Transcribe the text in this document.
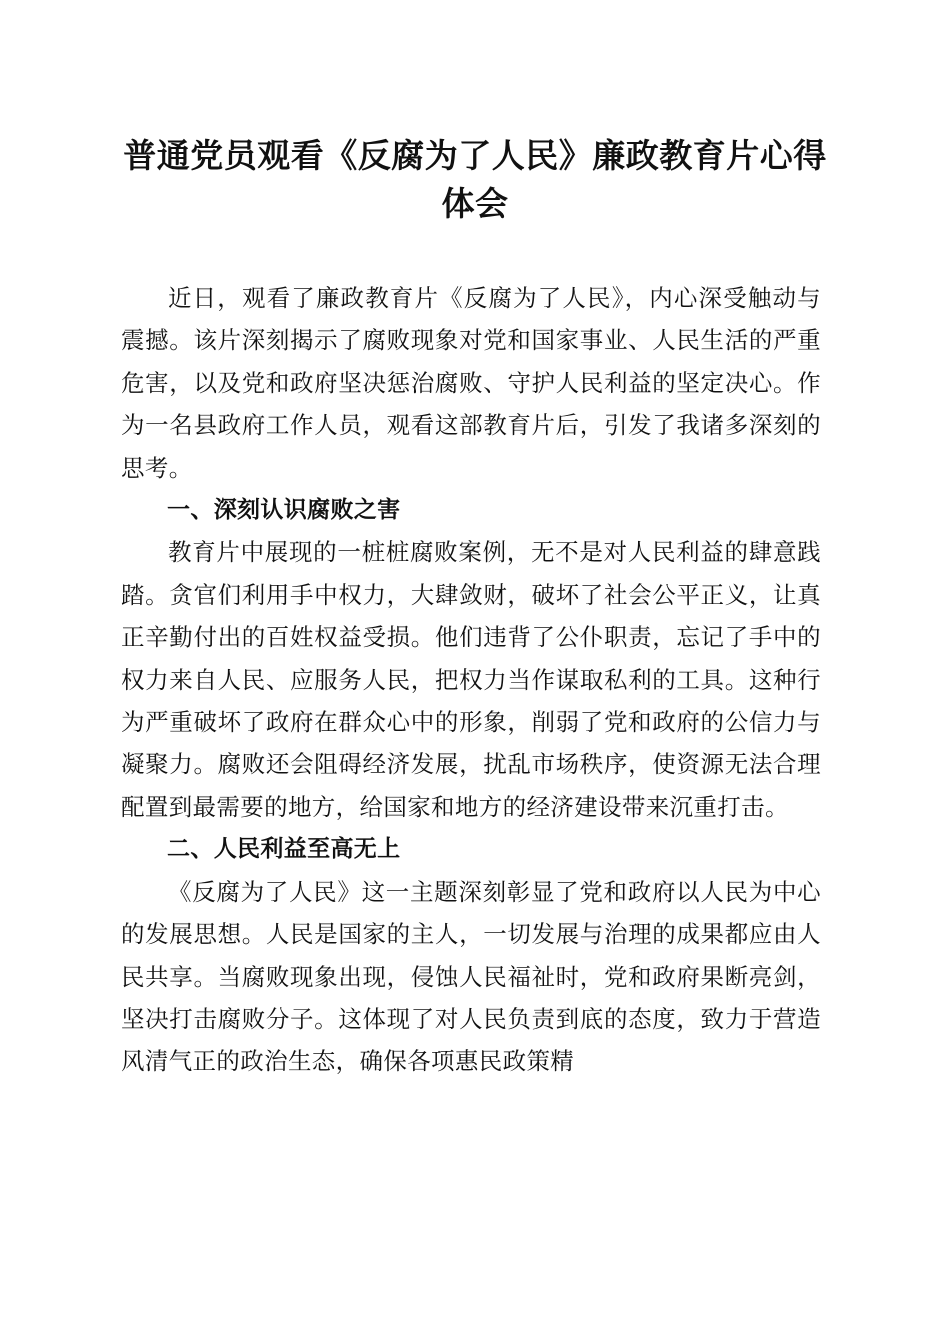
普通党员观看《反腐为了人民》廉政教育片心得体会

近日，观看了廉政教育片《反腐为了人民》，内心深受触动与震撼。该片深刻揭示了腐败现象对党和国家事业、人民生活的严重危害，以及党和政府坚决惩治腐败、守护人民利益的坚定决心。作为一名县政府工作人员，观看这部教育片后，引发了我诸多深刻的思考。

一、深刻认识腐败之害

教育片中展现的一桩桩腐败案例，无不是对人民利益的肆意践踏。贪官们利用手中权力，大肆敛财，破坏了社会公平正义，让真正辛勤付出的百姓权益受损。他们违背了公仆职责，忘记了手中的权力来自人民、应服务人民，把权力当作谋取私利的工具。这种行为严重破坏了政府在群众心中的形象，削弱了党和政府的公信力与凝聚力。腐败还会阻碍经济发展，扰乱市场秩序，使资源无法合理配置到最需要的地方，给国家和地方的经济建设带来沉重打击。

二、人民利益至高无上

《反腐为了人民》这一主题深刻彰显了党和政府以人民为中心的发展思想。人民是国家的主人，一切发展与治理的成果都应由人民共享。当腐败现象出现，侵蚀人民福祉时，党和政府果断亮剑，坚决打击腐败分子。这体现了对人民负责到底的态度，致力于营造风清气正的政治生态，确保各项惠民政策精
